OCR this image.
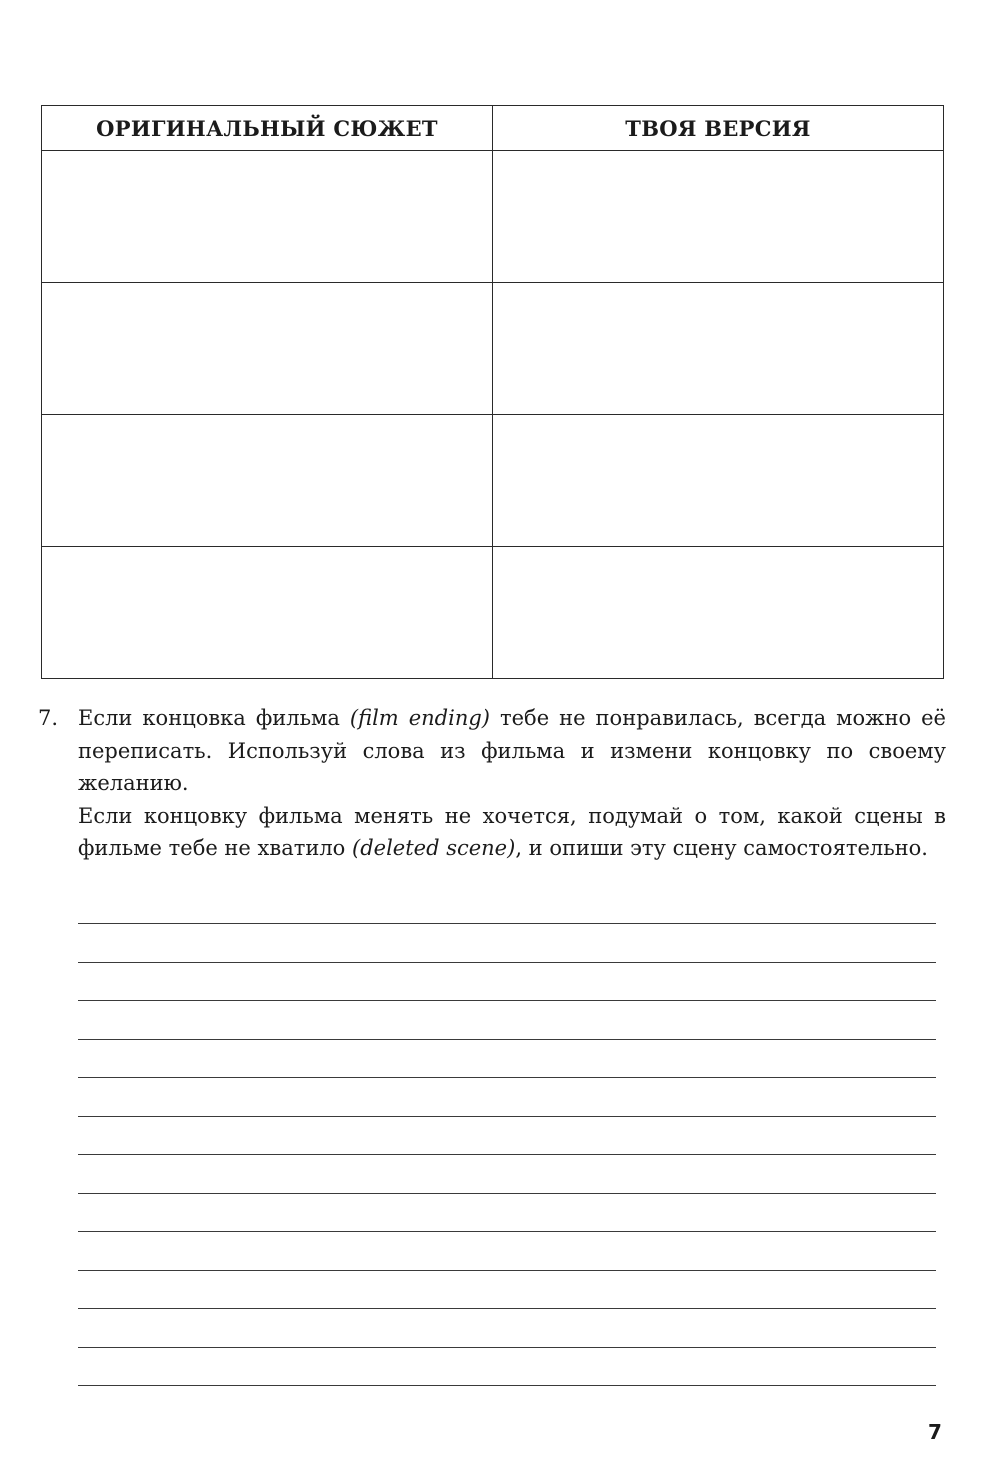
ОРИГИНАЛЬНЫЙ СЮЖЕТ	ТВОЯ ВЕРСИЯ

7. Если концовка фильма (film ending) тебе не понравилась, всегда можно её переписать. Используй слова из фильма и измени концовку по своему желанию.

Если концовку фильма менять не хочется, подумай о том, какой сцены в фильме тебе не хватило (deleted scene), и опиши эту сцену самостоятельно.

7
